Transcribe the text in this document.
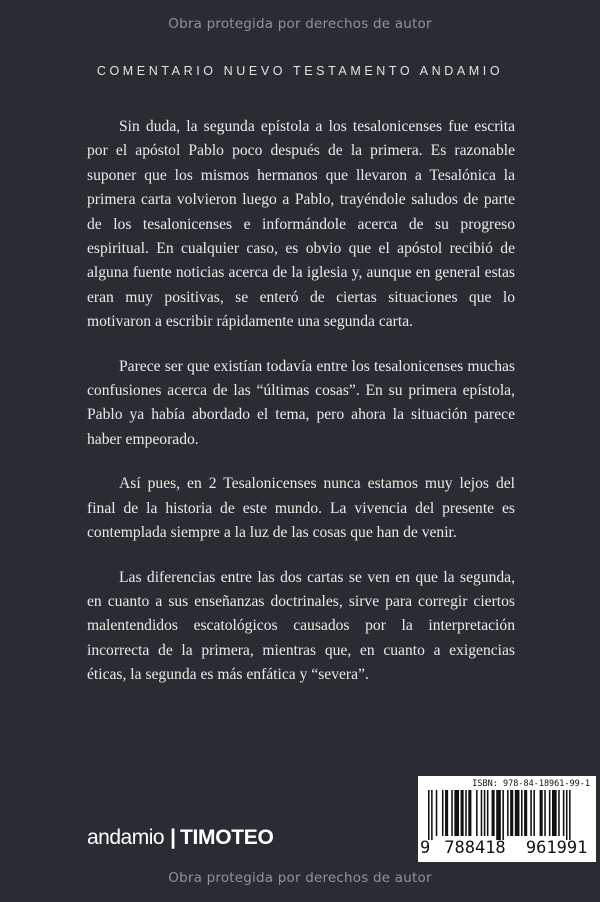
Obra protegida por derechos de autor
COMENTARIO NUEVO TESTAMENTO ANDAMIO

Sin duda, la segunda epístola a los tesalonicenses fue escrita por el apóstol Pablo poco después de la primera. Es razonable suponer que los mismos hermanos que llevaron a Tesalónica la primera carta volvieron luego a Pablo, trayéndole saludos de parte de los tesalonicenses e informándole acerca de su progreso espiritual. En cualquier caso, es obvio que el apóstol recibió de alguna fuente noticias acerca de la iglesia y, aunque en general estas eran muy positivas, se enteró de ciertas situaciones que lo motivaron a escribir rápidamente una segunda carta.

Parece ser que existían todavía entre los tesalonicenses muchas confusiones acerca de las “últimas cosas”. En su primera epístola, Pablo ya había abordado el tema, pero ahora la situación parece haber empeorado.

Así pues, en 2 Tesalonicenses nunca estamos muy lejos del final de la historia de este mundo. La vivencia del presente es contemplada siempre a la luz de las cosas que han de venir.

Las diferencias entre las dos cartas se ven en que la segunda, en cuanto a sus enseñanzas doctrinales, sirve para corregir ciertos malentendidos escatológicos causados por la interpretación incorrecta de la primera, mientras que, en cuanto a exigencias éticas, la segunda es más enfática y “severa”.

andamio | TIMOTEO
ISBN: 978-84-18961-99-1
9 788418 961991
Obra protegida por derechos de autor
